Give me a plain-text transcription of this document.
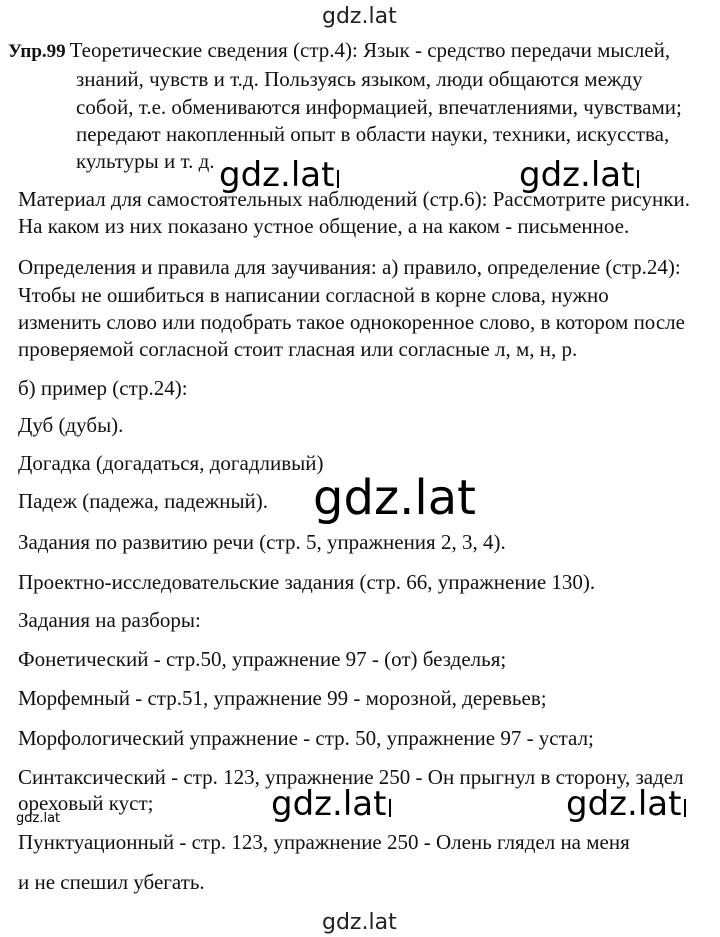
gdz.lat
gdz.lat	gdz.lat
gdz.lat
gdz.lat	gdz.lat
gdz.lat
gdz.lat
Упр.99 Теоретические сведения (стр.4): Язык - средство передачи мыслей,
знаний, чувств и т.д. Пользуясь языком, люди общаются между
собой, т.е. обмениваются информацией, впечатлениями, чувствами;
передают накопленный опыт в области науки, техники, искусства,
культуры и т. д.
Материал для самостоятельных наблюдений (стр.6): Рассмотрите рисунки.
На каком из них показано устное общение, а на каком - письменное.
Определения и правила для заучивания: а) правило, определение (стр.24):
Чтобы не ошибиться в написании согласной в корне слова, нужно
изменить слово или подобрать такое однокоренное слово, в котором после
проверяемой согласной стоит гласная или согласные л, м, н, р.
б) пример (стр.24):
Дуб (дубы).
Догадка (догадаться, догадливый)
Падеж (падежа, падежный).
Задания по развитию речи (стр. 5, упражнения 2, 3, 4).
Проектно-исследовательские задания (стр. 66, упражнение 130).
Задания на разборы:
Фонетический - стр.50, упражнение 97 - (от) безделья;
Морфемный - стр.51, упражнение 99 - морозной, деревьев;
Морфологический упражнение - стр. 50, упражнение 97 - устал;
Синтаксический - стр. 123, упражнение 250 - Он прыгнул в сторону, задел
ореховый куст;
Пунктуационный - стр. 123, упражнение 250 - Олень глядел на меня
и не спешил убегать.
